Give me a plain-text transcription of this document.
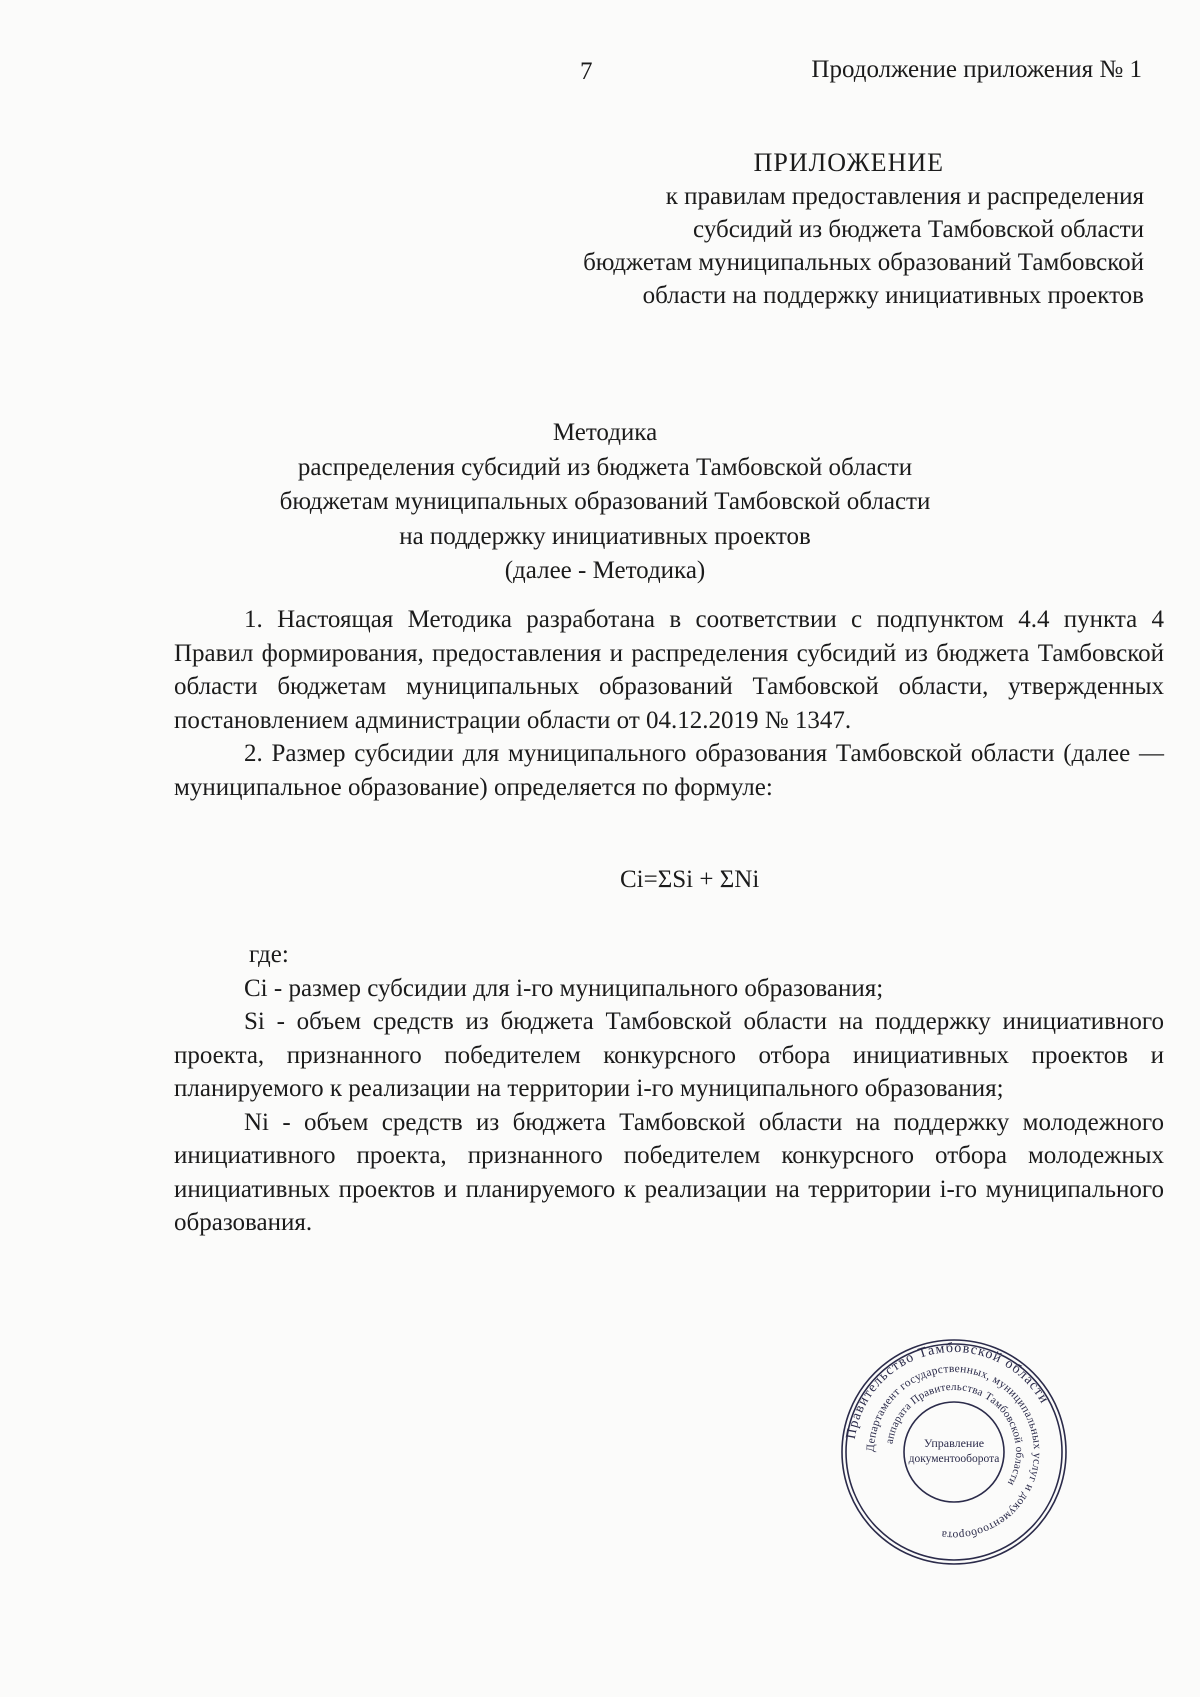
7	Продолжение приложения № 1
ПРИЛОЖЕНИЕ
к правилам предоставления и распределения
субсидий из бюджета Тамбовской области
бюджетам муниципальных образований Тамбовской
области на поддержку инициативных проектов
Методика
распределения субсидий из бюджета Тамбовской области
бюджетам муниципальных образований Тамбовской области
на поддержку инициативных проектов
(далее - Методика)

1. Настоящая Методика разработана в соответствии с подпунктом 4.4 пункта 4 Правил формирования, предоставления и распределения субсидий из бюджета Тамбовской области бюджетам муниципальных образований Тамбовской области, утвержденных постановлением администрации области от 04.12.2019 № 1347.

2. Размер субсидии для муниципального образования Тамбовской области (далее — муниципальное образование) определяется по формуле:

Ci=ΣSi + ΣNi

где:

Ci - размер субсидии для i-го муниципального образования;

Si - объем средств из бюджета Тамбовской области на поддержку инициативного проекта, признанного победителем конкурсного отбора инициативных проектов и планируемого к реализации на территории i-го муниципального образования;

Ni - объем средств из бюджета Тамбовской области на поддержку молодежного инициативного проекта, признанного победителем конкурсного отбора молодежных инициативных проектов и планируемого к реализации на территории i-го муниципального образования.

Правительство Тамбовской области
Департамент государственных, муниципальных услуг и документооборота
аппарата Правительства Тамбовской области
Управление
документооборота
